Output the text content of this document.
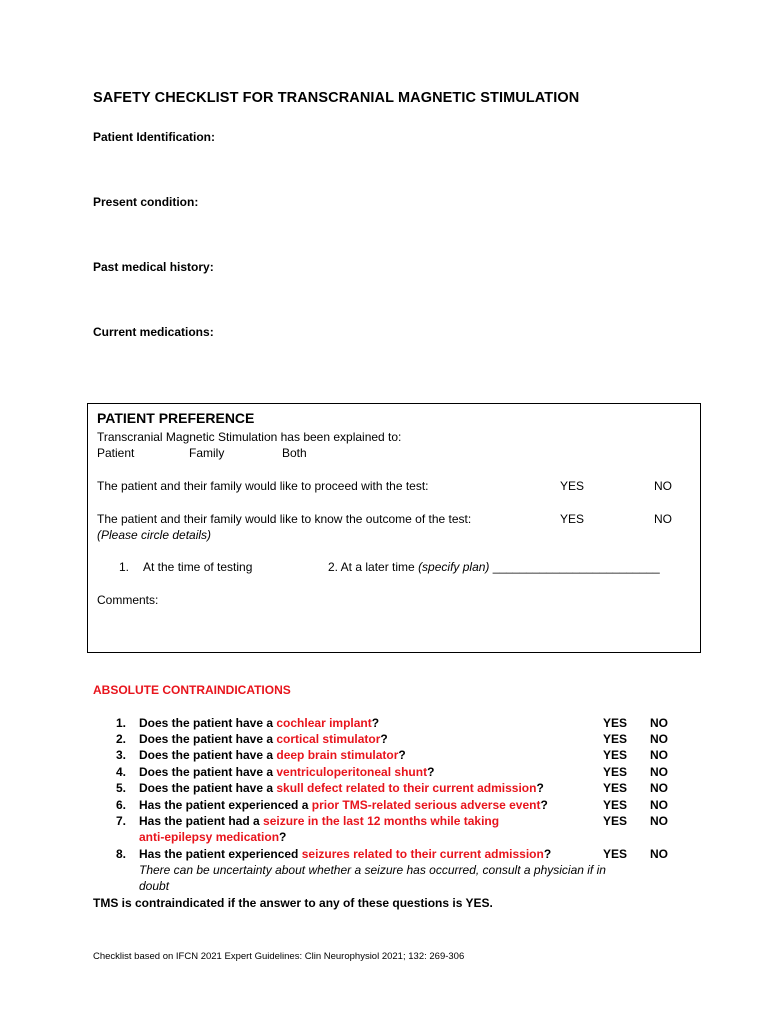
SAFETY CHECKLIST FOR TRANSCRANIAL MAGNETIC STIMULATION
Patient Identification:
Present condition:
Past medical history:
Current medications:
PATIENT PREFERENCE
Transcranial Magnetic Stimulation has been explained to:
Patient	Family	Both
The patient and their family would like to proceed with the test:	YES	NO
The patient and their family would like to know the outcome of the test:	YES	NO
(Please circle details)
1. At the time of testing	2. At a later time (specify plan) _________________________
Comments:
ABSOLUTE CONTRAINDICATIONS
1. Does the patient have a cochlear implant?	YES NO
2. Does the patient have a cortical stimulator?	YES NO
3. Does the patient have a deep brain stimulator?	YES NO
4. Does the patient have a ventriculoperitoneal shunt?	YES NO
5. Does the patient have a skull defect related to their current admission?	YES NO
6. Has the patient experienced a prior TMS-related serious adverse event?	YES NO
7. Has the patient had a seizure in the last 12 months while taking
anti-epilepsy medication?
YES NO
8. Has the patient experienced seizures related to their current admission?	YES NO
There can be uncertainty about whether a seizure has occurred, consult a physician if in
doubt
TMS is contraindicated if the answer to any of these questions is YES.
Checklist based on IFCN 2021 Expert Guidelines: Clin Neurophysiol 2021; 132: 269-306
